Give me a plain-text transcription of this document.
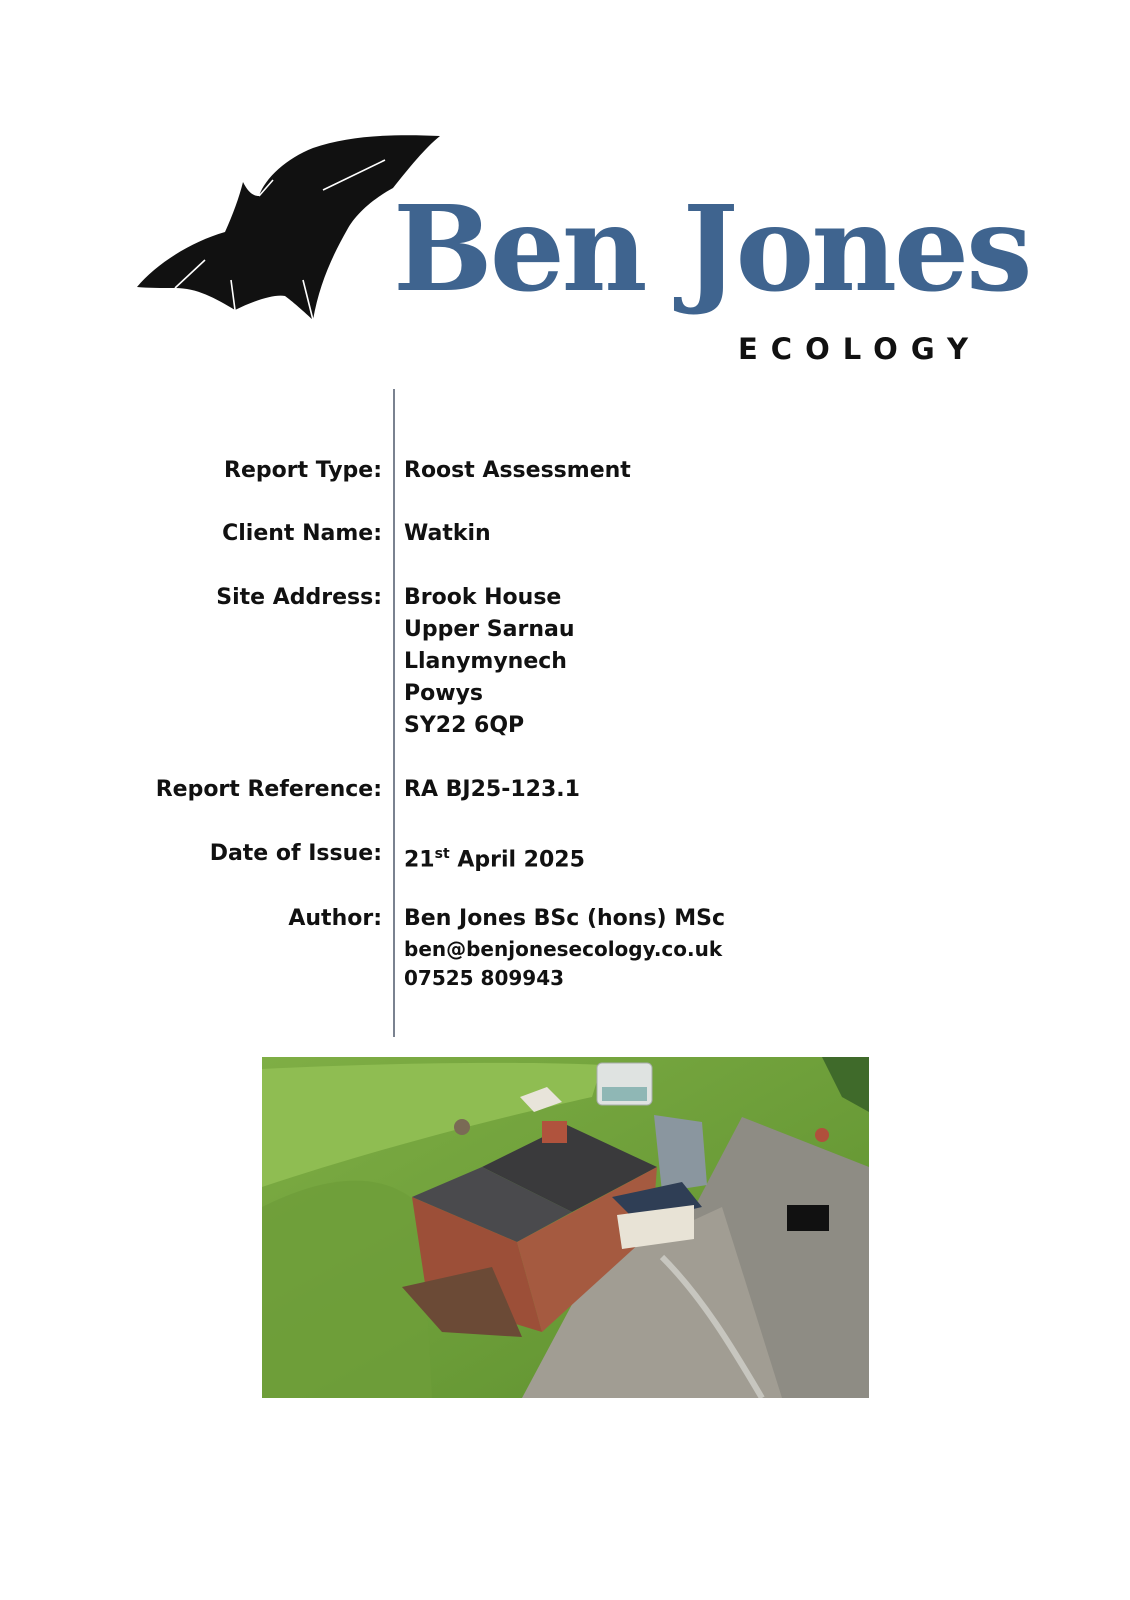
Ben Jones
ECOLOGY
Report Type: Roost Assessment
Client Name: Watkin
Site Address: Brook House
Upper Sarnau
Llanymynech
Powys
SY22 6QP
Report Reference: RA BJ25-123.1
Date of Issue: 21st April 2025
Author: Ben Jones BSc (hons) MSc
ben@benjonesecology.co.uk
07525 809943
